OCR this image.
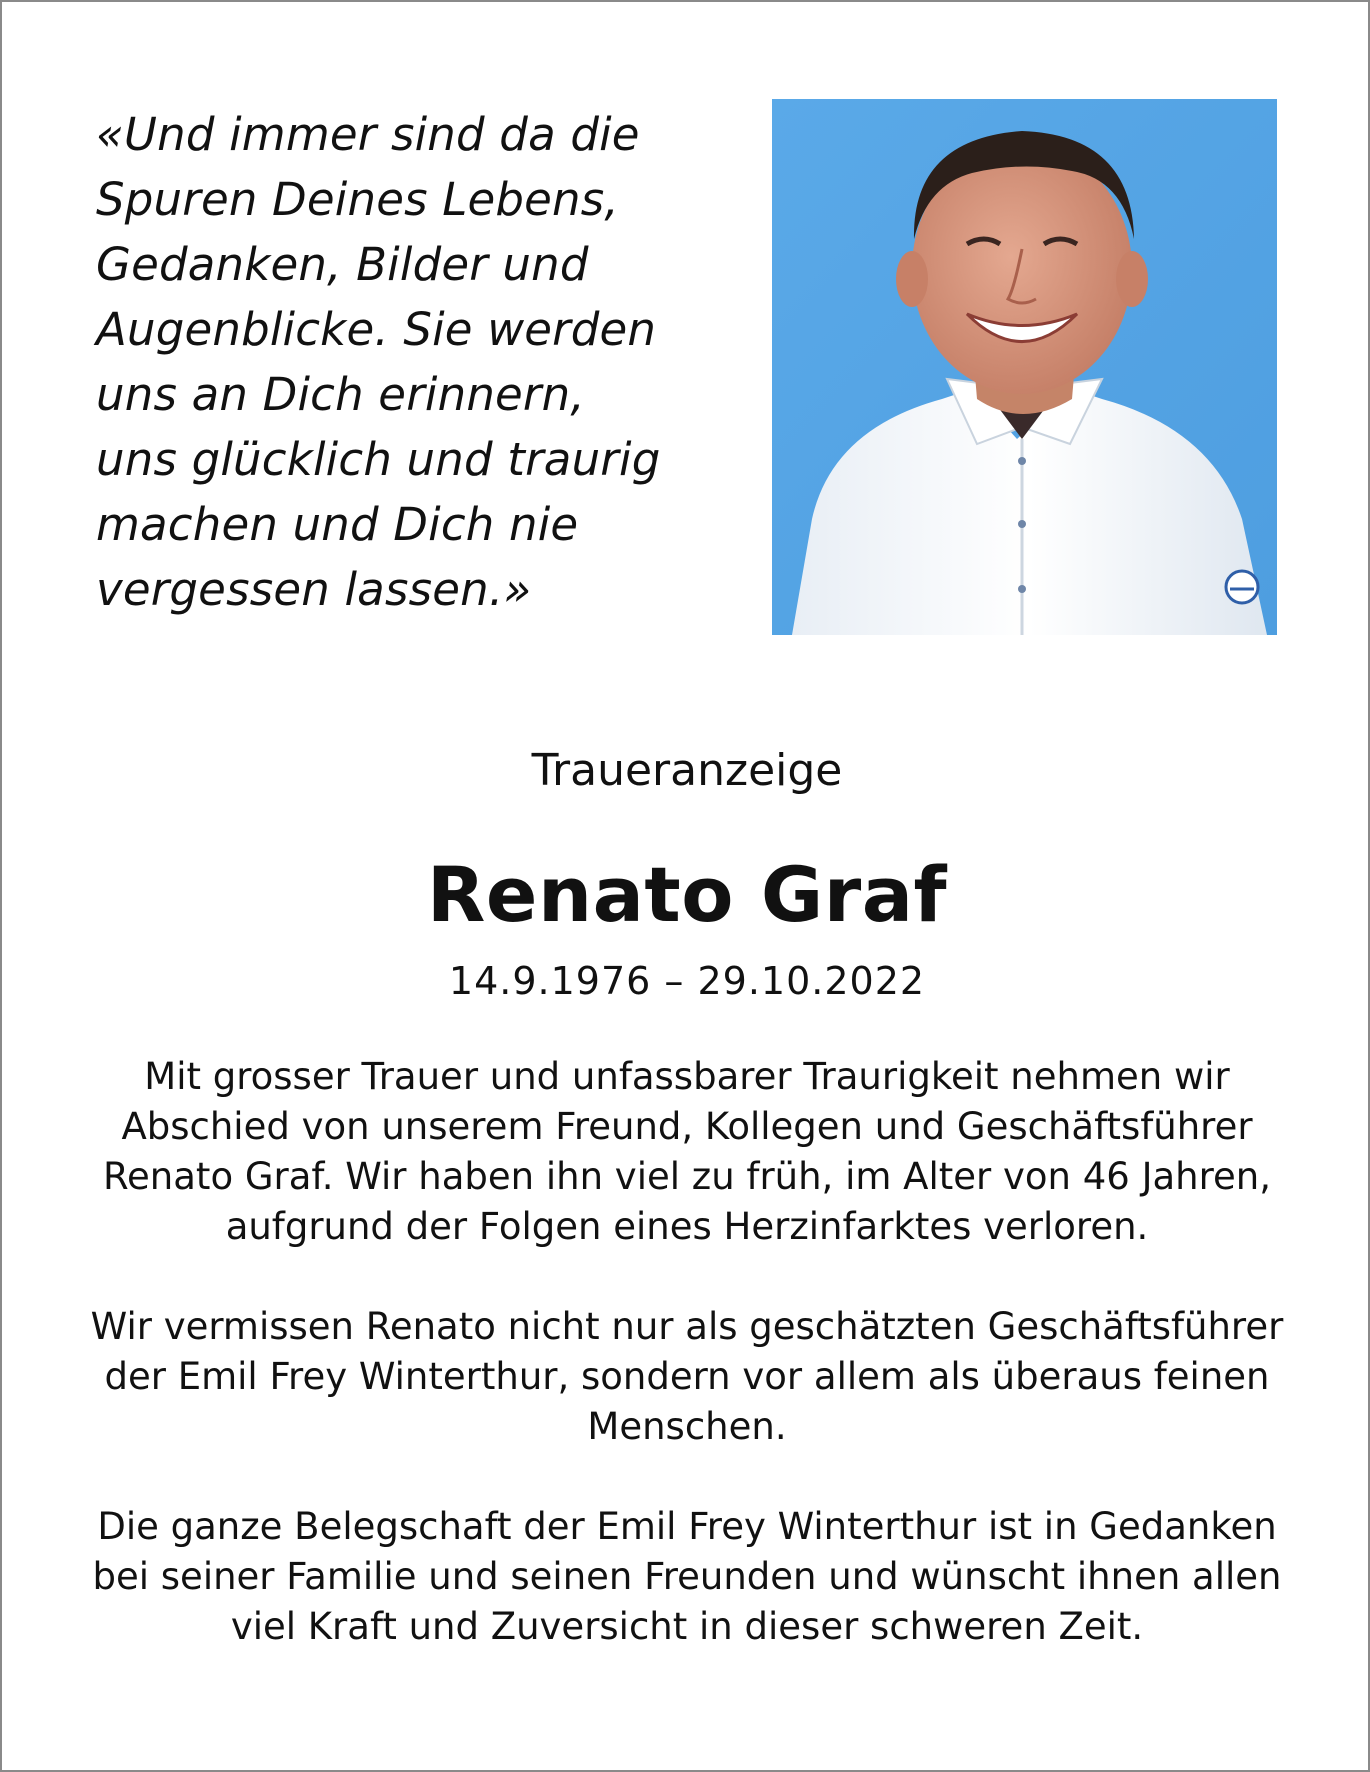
«Und immer sind da die
Spuren Deines Lebens,
Gedanken, Bilder und
Augenblicke. Sie werden
uns an Dich erinnern,
uns glücklich und traurig
machen und Dich nie
vergessen lassen.»
Traueranzeige
Renato Graf
14.9.1976 – 29.10.2022
Mit grosser Trauer und unfassbarer Traurigkeit nehmen wir
Abschied von unserem Freund, Kollegen und Geschäftsführer
Renato Graf. Wir haben ihn viel zu früh, im Alter von 46 Jahren,
aufgrund der Folgen eines Herzinfarktes verloren.
Wir vermissen Renato nicht nur als geschätzten Geschäftsführer
der Emil Frey Winterthur, sondern vor allem als überaus feinen
Menschen.
Die ganze Belegschaft der Emil Frey Winterthur ist in Gedanken
bei seiner Familie und seinen Freunden und wünscht ihnen allen
viel Kraft und Zuversicht in dieser schweren Zeit.
